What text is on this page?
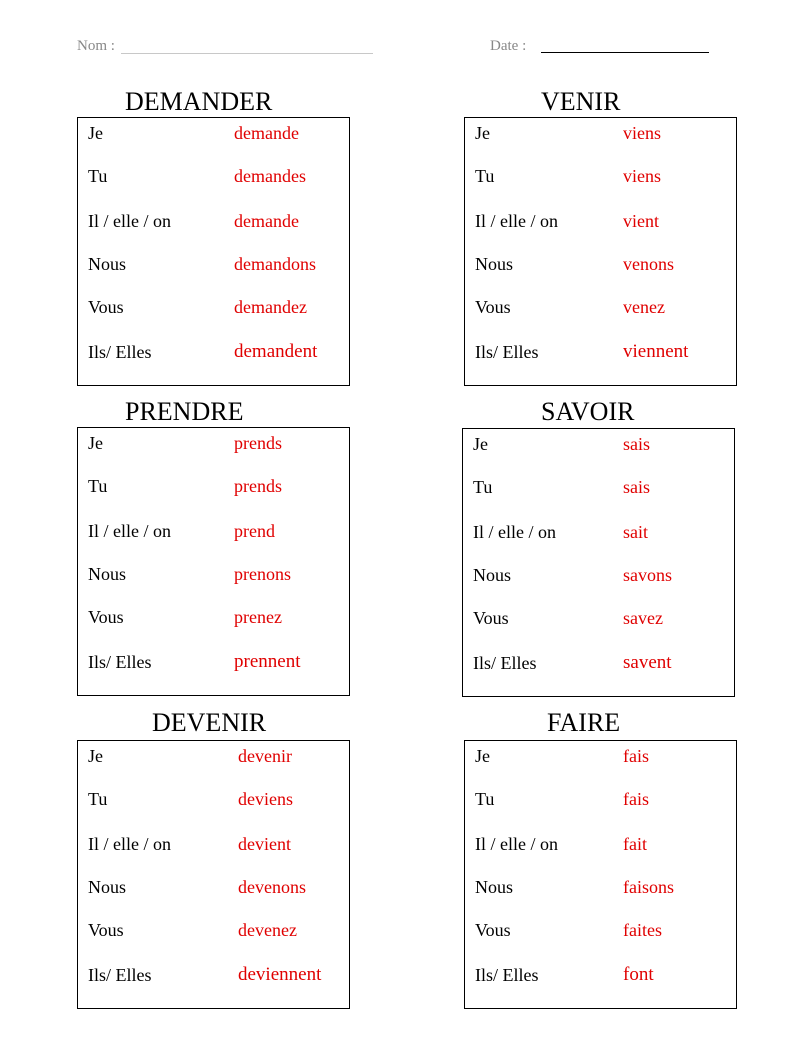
Nom :	Date :
DEMANDER
Je	demande
Tu	demandes
Il / elle / on	demande
Nous	demandons
Vous	demandez
Ils/ Elles	demandent
VENIR
Je	viens
Tu	viens
Il / elle / on	vient
Nous	venons
Vous	venez
Ils/ Elles	viennent
PRENDRE
Je	prends
Tu	prends
Il / elle / on	prend
Nous	prenons
Vous	prenez
Ils/ Elles	prennent
SAVOIR
Je	sais
Tu	sais
Il / elle / on	sait
Nous	savons
Vous	savez
Ils/ Elles	savent
DEVENIR
Je	devenir
Tu	deviens
Il / elle / on	devient
Nous	devenons
Vous	devenez
Ils/ Elles	deviennent
FAIRE
Je	fais
Tu	fais
Il / elle / on	fait
Nous	faisons
Vous	faites
Ils/ Elles	font
